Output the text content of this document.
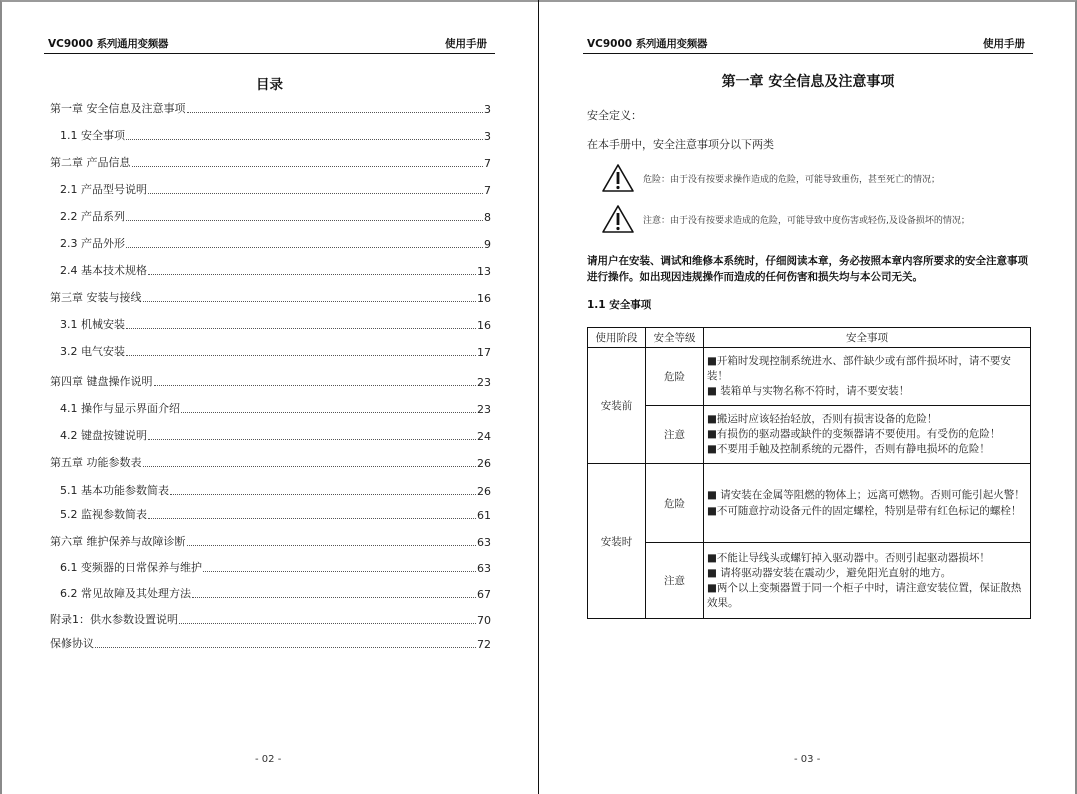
VC9000 系列通用变频器	使用手册
目录
第一章 安全信息及注意事项	3
1.1 安全事项	3
第二章 产品信息	7
2.1 产品型号说明	7
2.2 产品系列	8
2.3 产品外形	9
2.4 基本技术规格	13
第三章 安装与接线	16
3.1 机械安装	16
3.2 电气安装	17
第四章 键盘操作说明	23
4.1 操作与显示界面介绍	23
4.2 键盘按键说明	24
第五章 功能参数表	26
5.1 基本功能参数简表	26
5.2 监视参数简表	61
第六章 维护保养与故障诊断	63
6.1 变频器的日常保养与维护	63
6.2 常见故障及其处理方法	67
附录1：供水参数设置说明	70
保修协议	72
- 02 -
VC9000 系列通用变频器	使用手册
第一章 安全信息及注意事项
安全定义：
在本手册中，安全注意事项分以下两类
危险：由于没有按要求操作造成的危险，可能导致重伤，甚至死亡的情况；
注意：由于没有按要求造成的危险，可能导致中度伤害或轻伤,及设备损坏的情况；
请用户在安装、调试和维修本系统时，仔细阅读本章，务必按照本章内容所要求的安全注意事项进行操作。如出现因违规操作而造成的任何伤害和损失均与本公司无关。
1.1 安全事项
使用阶段	安全等级	安全事项
安装前	危险	■开箱时发现控制系统进水、部件缺少或有部件损坏时，请不要安装！
■ 装箱单与实物名称不符时，请不要安装！

	注意	■搬运时应该轻抬轻放，否则有损害设备的危险！
■有损伤的驱动器或缺件的变频器请不要使用。有受伤的危险！
■不要用手触及控制系统的元器件，否则有静电损坏的危险！

安装时	危险	■ 请安装在金属等阻燃的物体上；远离可燃物。否则可能引起火警！
■不可随意拧动设备元件的固定螺栓，特别是带有红色标记的螺栓！

	注意	■不能让导线头或螺钉掉入驱动器中。否则引起驱动器损坏！
■ 请将驱动器安装在震动少，避免阳光直射的地方。
■两个以上变频器置于同一个柜子中时，请注意安装位置，保证散热效果。
- 03 -
